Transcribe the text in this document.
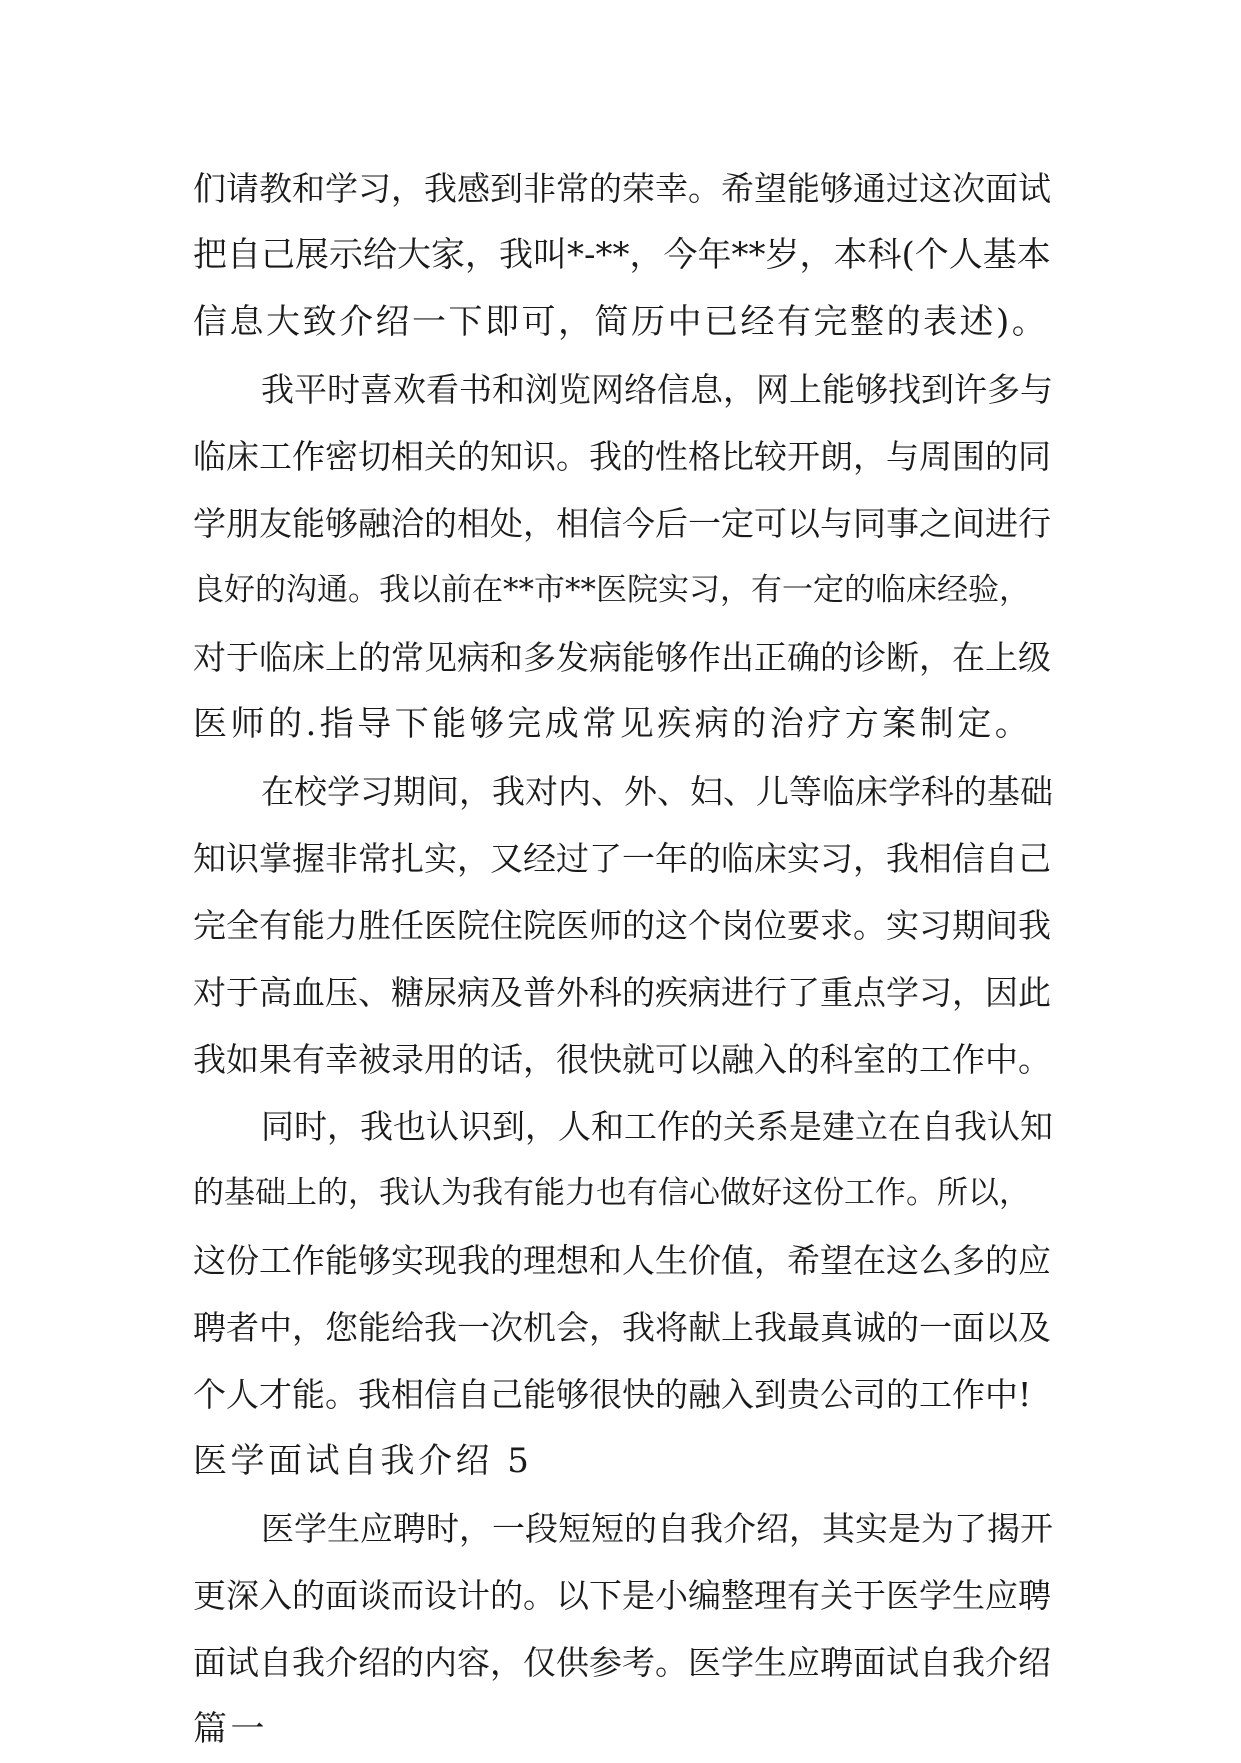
们请教和学习，我感到非常的荣幸。希望能够通过这次面试
把自己展示给大家，我叫*-**，今年**岁，本科(个人基本
信息大致介绍一下即可，简历中已经有完整的表述)。
我平时喜欢看书和浏览网络信息，网上能够找到许多与
临床工作密切相关的知识。我的性格比较开朗，与周围的同
学朋友能够融洽的相处，相信今后一定可以与同事之间进行
良好的沟通。我以前在**市**医院实习，有一定的临床经验，
对于临床上的常见病和多发病能够作出正确的诊断，在上级
医师的.指导下能够完成常见疾病的治疗方案制定。
在校学习期间，我对内、外、妇、儿等临床学科的基础
知识掌握非常扎实，又经过了一年的临床实习，我相信自己
完全有能力胜任医院住院医师的这个岗位要求。实习期间我
对于高血压、糖尿病及普外科的疾病进行了重点学习，因此
我如果有幸被录用的话，很快就可以融入的科室的工作中。
同时，我也认识到，人和工作的关系是建立在自我认知
的基础上的，我认为我有能力也有信心做好这份工作。所以，
这份工作能够实现我的理想和人生价值，希望在这么多的应
聘者中，您能给我一次机会，我将献上我最真诚的一面以及
个人才能。我相信自己能够很快的融入到贵公司的工作中!
医学面试自我介绍 5
医学生应聘时，一段短短的自我介绍，其实是为了揭开
更深入的面谈而设计的。以下是小编整理有关于医学生应聘
面试自我介绍的内容，仅供参考。医学生应聘面试自我介绍
篇一
